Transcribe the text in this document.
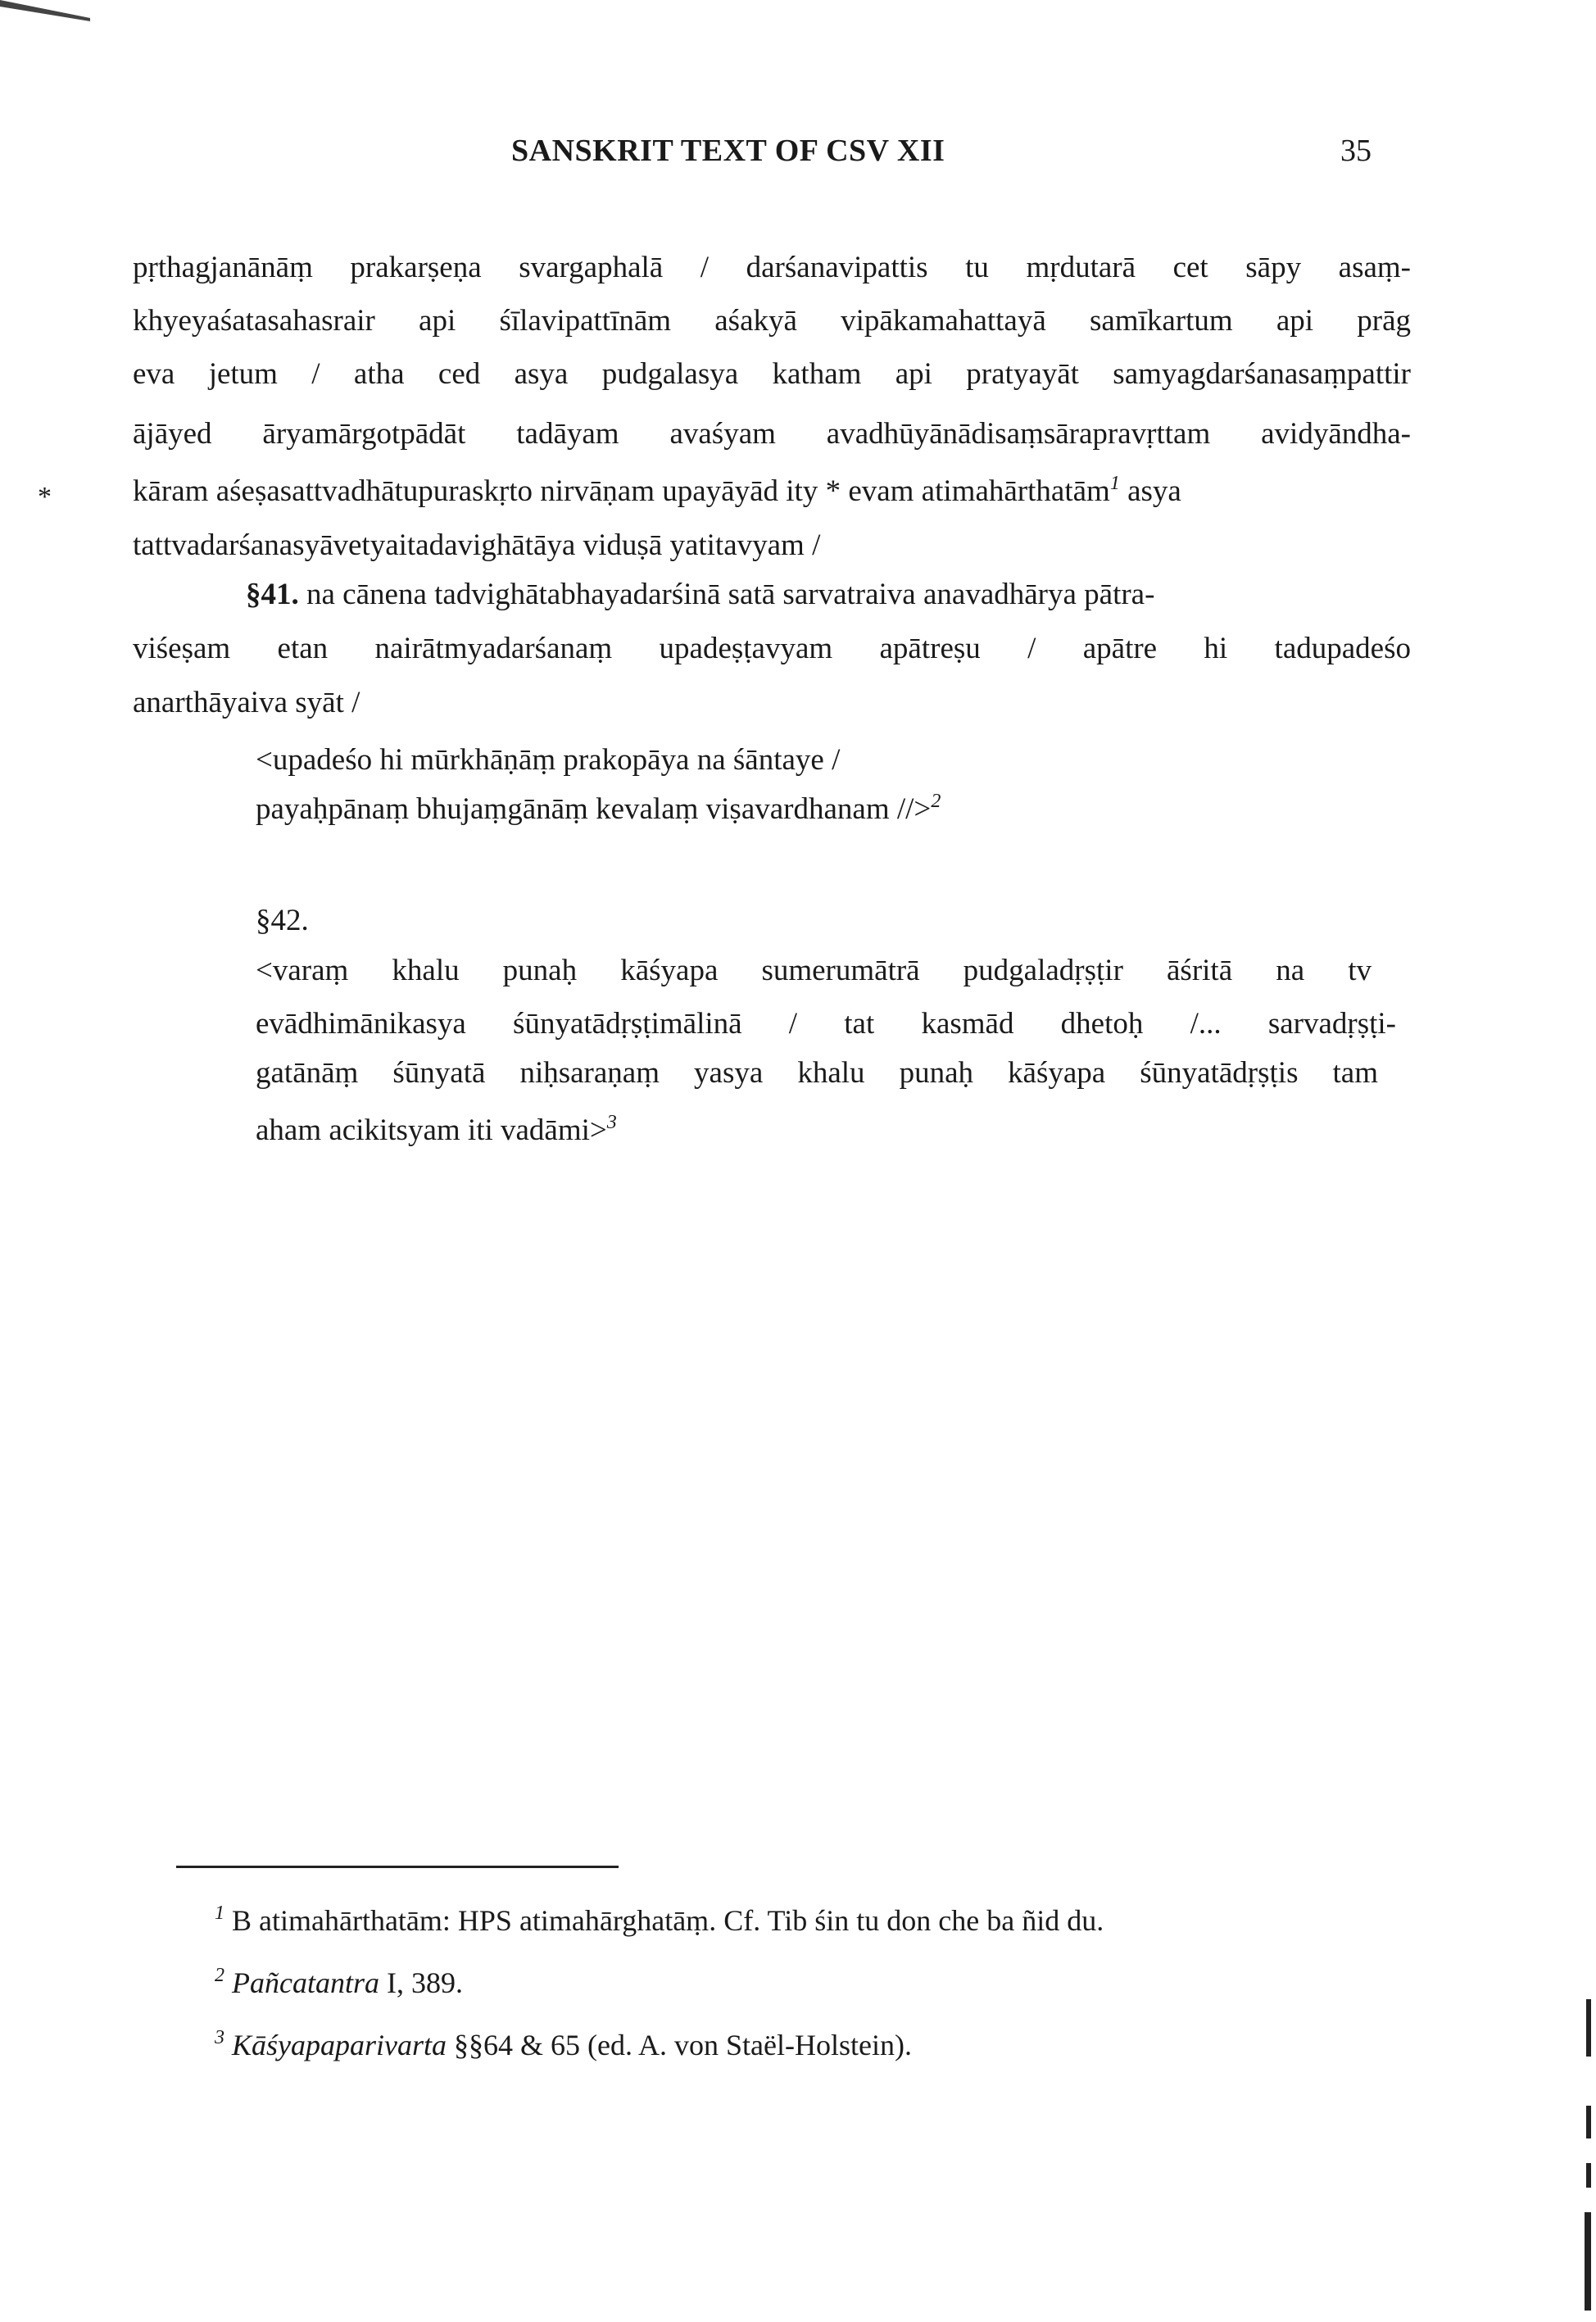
SANSKRIT TEXT OF CSV XII	35
pṛthagjanānāṃ prakarṣeṇa svargaphalā / darśanavipattis tu mṛdutarā cet sāpy asaṃ-
khyeyaśatasahasrair api śīlavipattīnām aśakyā vipākamahattayā samīkartum api prāg
eva jetum / atha ced asya pudgalasya katham api pratyayāt samyagdarśanasaṃpattir
ājāyed āryamārgotpādāt tadāyam avaśyam avadhūyānādisaṃsārapravṛttam avidyāndha-
*	kāram aśeṣasattvadhātupuraskṛto nirvāṇam upayāyād ity * evam atimahārthatām$^1$ asya
tattvadarśanasyāvetyaitadavighātāya viduṣā yatitavyam /
§41. na cānena tadvighātabhayadarśinā satā sarvatraiva anavadhārya pātra-
viśeṣam etan nairātmyadarśanaṃ upadeṣṭavyam apātreṣu / apātre hi tadupadeśo
anarthāyaiva syāt /
<upadeśo hi mūrkhāṇāṃ prakopāya na śāntaye /
payaḥpānaṃ bhujaṃgānāṃ kevalaṃ viṣavardhanam //>$^2$
§42.
<varaṃ khalu punaḥ kāśyapa sumerumātrā pudgaladṛṣṭir āśritā na tv
evādhimānikasya śūnyatādṛṣṭimālinā / tat kasmād dhetoḥ /... sarvadṛṣṭi-
gatānāṃ śūnyatā niḥsaraṇaṃ yasya khalu punaḥ kāśyapa śūnyatādṛṣṭis tam
aham acikitsyam iti vadāmi>$^3$
$^1$ B atimahārthatām: HPS atimahārghatāṃ. Cf. Tib śin tu don che ba ñid du.
$^2$ Pañcatantra I, 389.
$^3$ Kāśyapaparivarta §§64 & 65 (ed. A. von Staël-Holstein).
